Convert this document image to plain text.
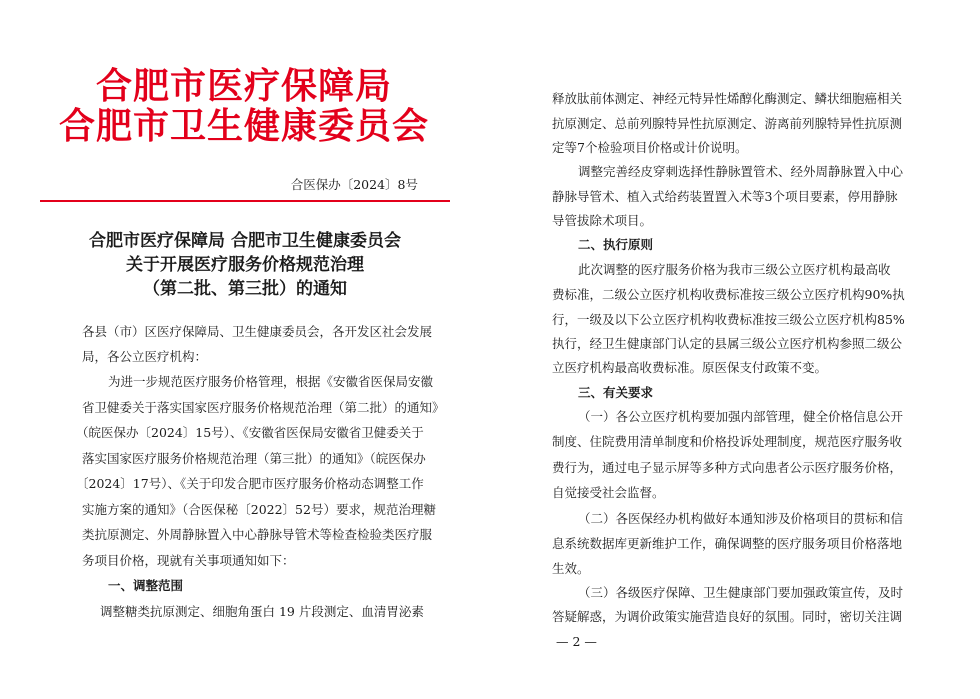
合肥市医疗保障局
合肥市卫生健康委员会
合医保办〔2024〕8号
合肥市医疗保障局 合肥市卫生健康委员会
关于开展医疗服务价格规范治理
（第二批、第三批）的通知
各县（市）区医疗保障局、卫生健康委员会，各开发区社会发展
局，各公立医疗机构：
为进一步规范医疗服务价格管理，根据《安徽省医保局安徽
省卫健委关于落实国家医疗服务价格规范治理（第二批）的通知》
（皖医保办〔2024〕15号）、《安徽省医保局安徽省卫健委关于
落实国家医疗服务价格规范治理（第三批）的通知》（皖医保办
〔2024〕17号）、《关于印发合肥市医疗服务价格动态调整工作
实施方案的通知》（合医保秘〔2022〕52号）要求，规范治理糖
类抗原测定、外周静脉置入中心静脉导管术等检查检验类医疗服
务项目价格，现就有关事项通知如下：
一、调整范围
调整糖类抗原测定、细胞角蛋白 19 片段测定、血清胃泌素
释放肽前体测定、神经元特异性烯醇化酶测定、鳞状细胞癌相关
抗原测定、总前列腺特异性抗原测定、游离前列腺特异性抗原测
定等7个检验项目价格或计价说明。
调整完善经皮穿刺选择性静脉置管术、经外周静脉置入中心
静脉导管术、植入式给药装置置入术等3个项目要素，停用静脉
导管拔除术项目。
二、执行原则
此次调整的医疗服务价格为我市三级公立医疗机构最高收
费标准，二级公立医疗机构收费标准按三级公立医疗机构90%执
行，一级及以下公立医疗机构收费标准按三级公立医疗机构85%
执行，经卫生健康部门认定的县属三级公立医疗机构参照二级公
立医疗机构最高收费标准。原医保支付政策不变。
三、有关要求
（一）各公立医疗机构要加强内部管理，健全价格信息公开
制度、住院费用清单制度和价格投诉处理制度，规范医疗服务收
费行为，通过电子显示屏等多种方式向患者公示医疗服务价格，
自觉接受社会监督。
（二）各医保经办机构做好本通知涉及价格项目的贯标和信
息系统数据库更新维护工作，确保调整的医疗服务项目价格落地
生效。
（三）各级医疗保障、卫生健康部门要加强政策宣传，及时
答疑解惑，为调价政策实施营造良好的氛围。同时，密切关注调
— 2 —
